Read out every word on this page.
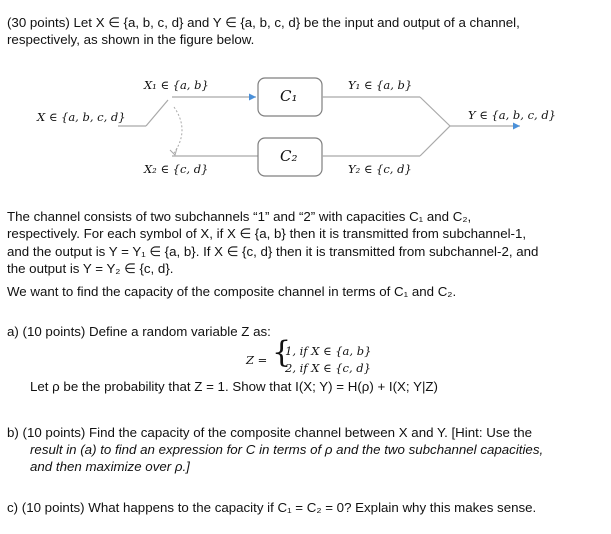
(30 points) Let X ∈ {a, b, c, d} and Y ∈ {a, b, c, d} be the input and output of a channel,
respectively, as shown in the figure below.
X ∈ {a, b, c, d}
X₁ ∈ {a, b}
X₂ ∈ {c, d}
C₁
C₂
Y₁ ∈ {a, b}
Y₂ ∈ {c, d}
Y ∈ {a, b, c, d}
The channel consists of two subchannels “1” and “2” with capacities C₁ and C₂,
respectively. For each symbol of X, if X ∈ {a, b} then it is transmitted from subchannel-1,
and the output is Y = Y₁ ∈ {a, b}. If X ∈ {c, d} then it is transmitted from subchannel-2, and
the output is Y = Y₂ ∈ {c, d}.
We want to find the capacity of the composite channel in terms of C₁ and C₂.
a) (10 points) Define a random variable Z as:
Z = {
1, if X ∈ {a, b}
2, if X ∈ {c, d}
Let ρ be the probability that Z = 1. Show that I(X; Y) = H(ρ) + I(X; Y|Z)
b) (10 points) Find the capacity of the composite channel between X and Y. [Hint: Use the
result in (a) to find an expression for C in terms of ρ and the two subchannel capacities,
and then maximize over ρ.]
c) (10 points) What happens to the capacity if C₁ = C₂ = 0? Explain why this makes sense.
